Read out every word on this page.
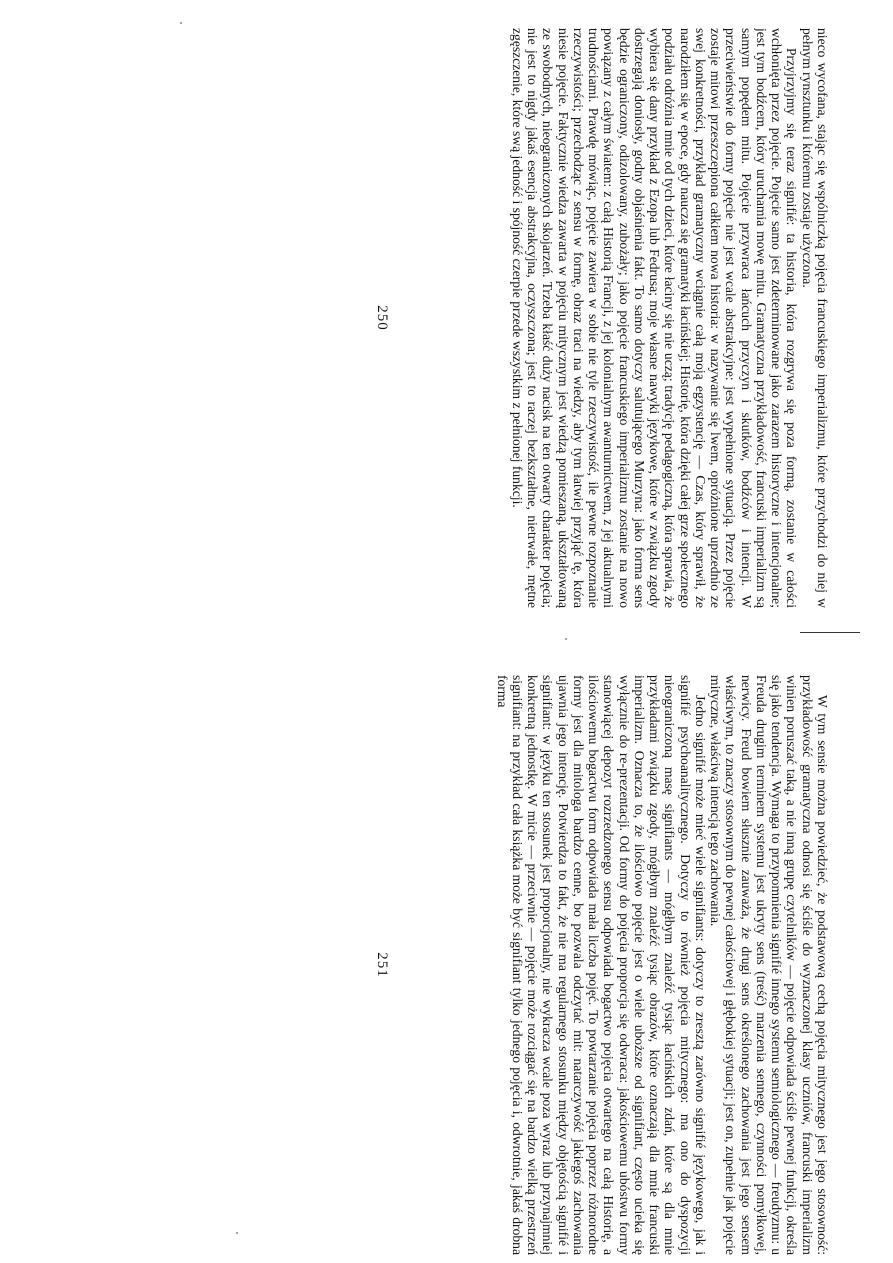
nieco wycofana, stając się wspólniczką pojęcia francuskiego imperializmu, które przychodzi do niej w pełnym rynsztunku i któremu zostaje użyczona.

Przyjrzyjmy się teraz signifié: ta historia, która rozgrywa się poza formą, zostanie w całości wchłonięta przez pojęcie. Pojęcie samo jest zdeterminowane jako zarazem historyczne i intencjonalne; jest tym bodźcem, który uruchamia mowę mitu. Gramatyczna przykładowość, francuski imperializm są samym popędem mitu. Pojęcie przywraca łańcuch przyczyn i skutków, bodźców i intencji. W przeciwieństwie do formy pojęcie nie jest wcale abstrakcyjne: jest wypełnione sytuacją. Przez pojęcie zostaje mitowi przeszczepiona całkiem nowa historia: w nazywanie się lwem, opróżnione uprzednio ze swej konkretności, przykład gramatyczny wciągnie całą moją egzystencję — Czas, który sprawił, że narodziłem się w epoce, gdy naucza się gramatyki łacińskiej; Historię, która dzięki całej grze społecznego podziału odróżnia mnie od tych dzieci, które łaciny się nie uczą; tradycję pedagogiczną, która sprawia, że wybiera się dany przykład z Ezopa lub Fedrusa; moje własne nawyki językowe, które w związku zgody dostrzegają doniosły, godny objaśnienia fakt. To samo dotyczy salutującego Murzyna: jako forma sens będzie ograniczony, odizolowany, zubożały; jako pojęcie francuskiego imperializmu zostanie na nowo powiązany z całym światem: z całą Historią Francji, z jej kolonialnym awanturnictwem, z jej aktualnymi trudnościami. Prawdę mówiąc, pojęcie zawiera w sobie nie tyle rzeczywistość, ile pewne rozpoznanie rzeczywistości; przechodząc z sensu w formę, obraz traci na wiedzy, aby tym łatwiej przyjąć tę, która niesie pojęcie. Faktycznie wiedza zawarta w pojęciu mitycznym jest wiedzą pomieszaną, ukształtowaną ze swobodnych, nieograniczonych skojarzeń. Trzeba kłaść duży nacisk na ten otwarty charakter pojęcia; nie jest to nigdy jakaś esencja abstrakcyjna, oczyszczona; jest to raczej bezkształtne, nietrwałe, mętne zgęszczenie, które swą jedność i spójność czerpie przede wszystkim z pełnionej funkcji.

250

W tym sensie można powiedzieć, że podstawową cechą pojęcia mitycznego jest jego stosowność: przykładowość gramatyczna odnosi się ściśle do wyznaczonej klasy uczniów, francuski imperializm winien poruszać taką, a nie inną grupę czytelników — pojęcie odpowiada ściśle pewnej funkcji, określa się jako tendencja. Wymaga to przypomnienia signifié innego systemu semiologicznego — freudyzmu: u Freuda drugim terminem systemu jest ukryty sens (treść) marzenia sennego, czynności pomyłkowej, nerwicy. Freud bowiem słusznie zauważa, że drugi sens określonego zachowania jest jego sensem właściwym, to znaczy stosownym do pewnej całościowej i głębokiej sytuacji; jest on, zupełnie jak pojęcie mityczne, właściwą intencją tego zachowania.

Jedno signifié może mieć wiele signifiants: dotyczy to zresztą zarówno signifié językowego, jak i signifié psychoanalitycznego. Dotyczy to również pojęcia mitycznego: ma ono do dyspozycji nieograniczoną masę signifiants — mógłbym znaleźć tysiąc łacińskich zdań, które są dla mnie przykładami związku zgody, mógłbym znaleźć tysiąc obrazów, które oznaczają dla mnie francuski imperializm. Oznacza to, że ilościowo pojęcie jest o wiele uboższe od signifiant, często ucieka się wyłącznie do re-prezentacji. Od formy do pojęcia proporcja się odwraca: jakościowemu ubóstwu formy stanowiącej depozyt rozrzedzonego sensu odpowiada bogactwo pojęcia otwartego na całą Historię, a ilościowemu bogactwu form odpowiada mała liczba pojęć. To powtarzanie pojęcia poprzez różnorodne formy jest dla mitologa bardzo cenne, bo pozwala odczytać mit: natarczywość jakiegoś zachowania ujawnia jego intencję. Potwierdza to fakt, że nie ma regularnego stosunku między objętością signifié i signifiant: w języku ten stosunek jest proporcjonalny, nie wykracza wcale poza wyraz lub przynajmniej konkretną jednostkę. W micie — przeciwnie — pojęcie może rozciągać się na bardzo wielką przestrzeń signifiant: na przykład cała książka może być signifiant tylko jednego pojęcia i, odwrotnie, jakaś drobna forma

251
